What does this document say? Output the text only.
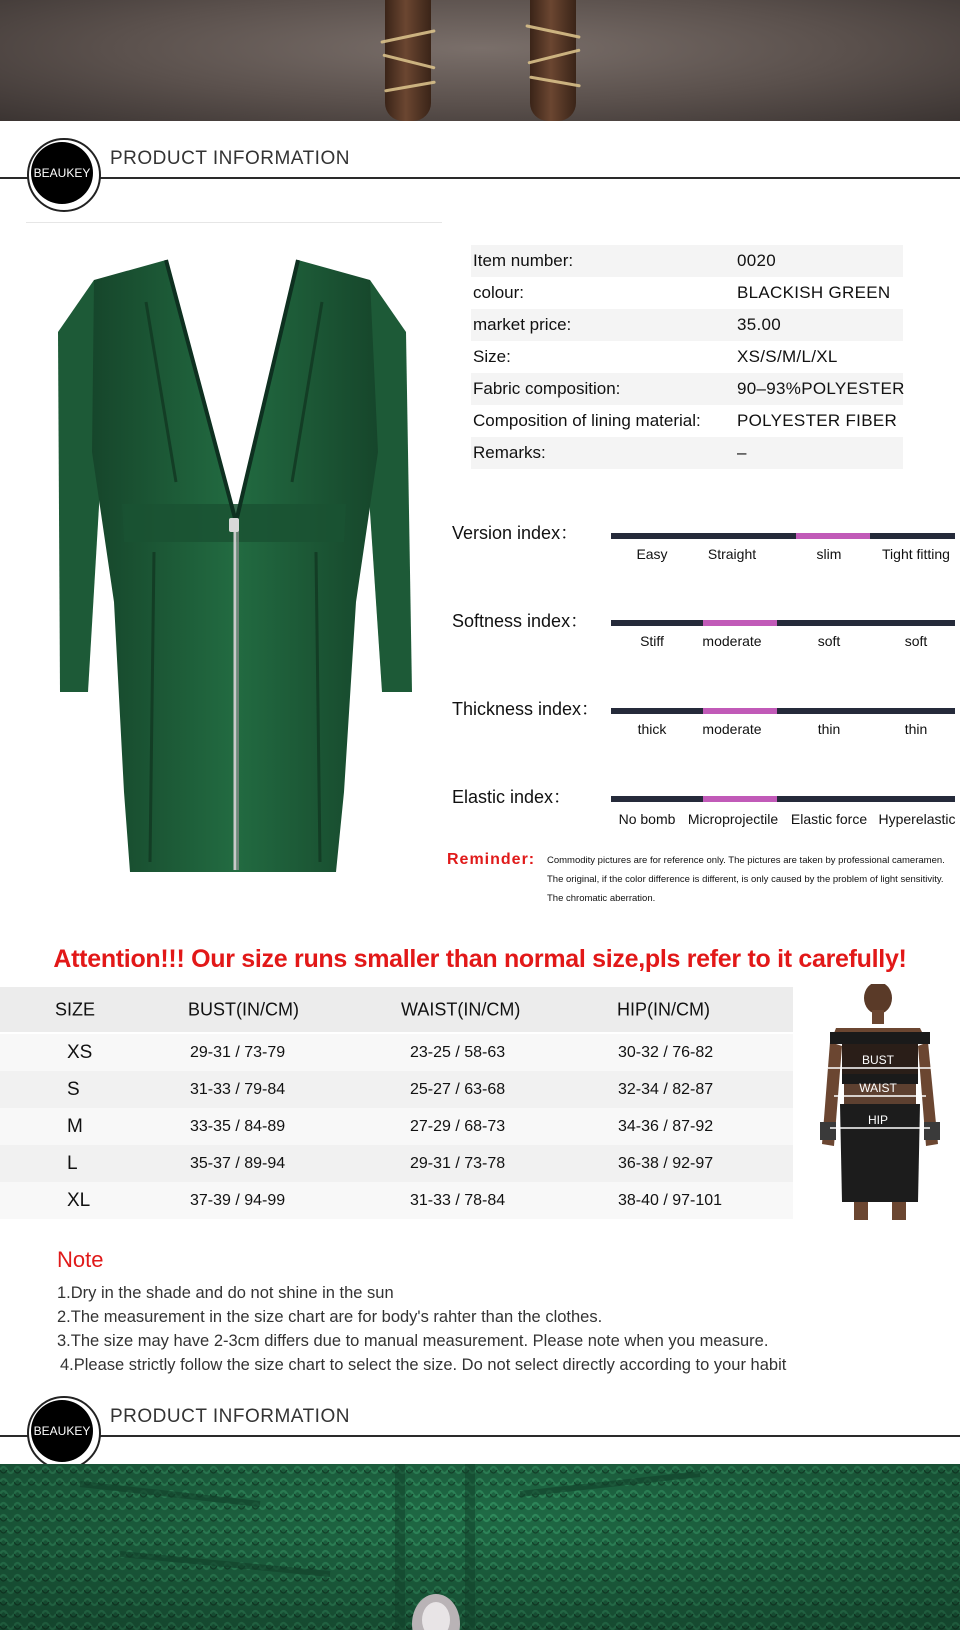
BEAUKEY
PRODUCT INFORMATION
Item number:	0020
colour:	BLACKISH GREEN
market price:	35.00
Size:	XS/S/M/L/XL
Fabric composition:	90–93%POLYESTER
Composition of lining material: POLYESTER FIBER
Remarks:	–
Version index：
Easy	Straight	slim	Tight fitting
Softness index：
Stiff	moderate	soft	soft
Thickness index：
thick	moderate	thin	thin
Elastic index：
No bomb Microprojectile Elastic force Hyperelastic
Reminder: Commodity pictures are for reference only. The pictures are taken by professional cameramen.
The original, if the color difference is different, is only caused by the problem of light sensitivity.
The chromatic aberration.
Attention!!! Our size runs smaller than normal size,pls refer to it carefully!
SIZE	BUST(IN/CM)	WAIST(IN/CM)	HIP(IN/CM)
XS	29-31 / 73-79	23-25 / 58-63	30-32 / 76-82
S	31-33 / 79-84	25-27 / 63-68	32-34 / 82-87
M	33-35 / 84-89	27-29 / 68-73	34-36 / 87-92
L	35-37 / 89-94	29-31 / 73-78	36-38 / 92-97
XL	37-39 / 94-99	31-33 / 78-84	38-40 / 97-101
BUST
WAIST
HIP
Note
1.Dry in the shade and do not shine in the sun
2.The measurement in the size chart are for body's rahter than the clothes.
3.The size may have 2-3cm differs due to manual measurement. Please note when you measure.
4.Please strictly follow the size chart to select the size. Do not select directly according to your habit
BEAUKEY
PRODUCT INFORMATION
